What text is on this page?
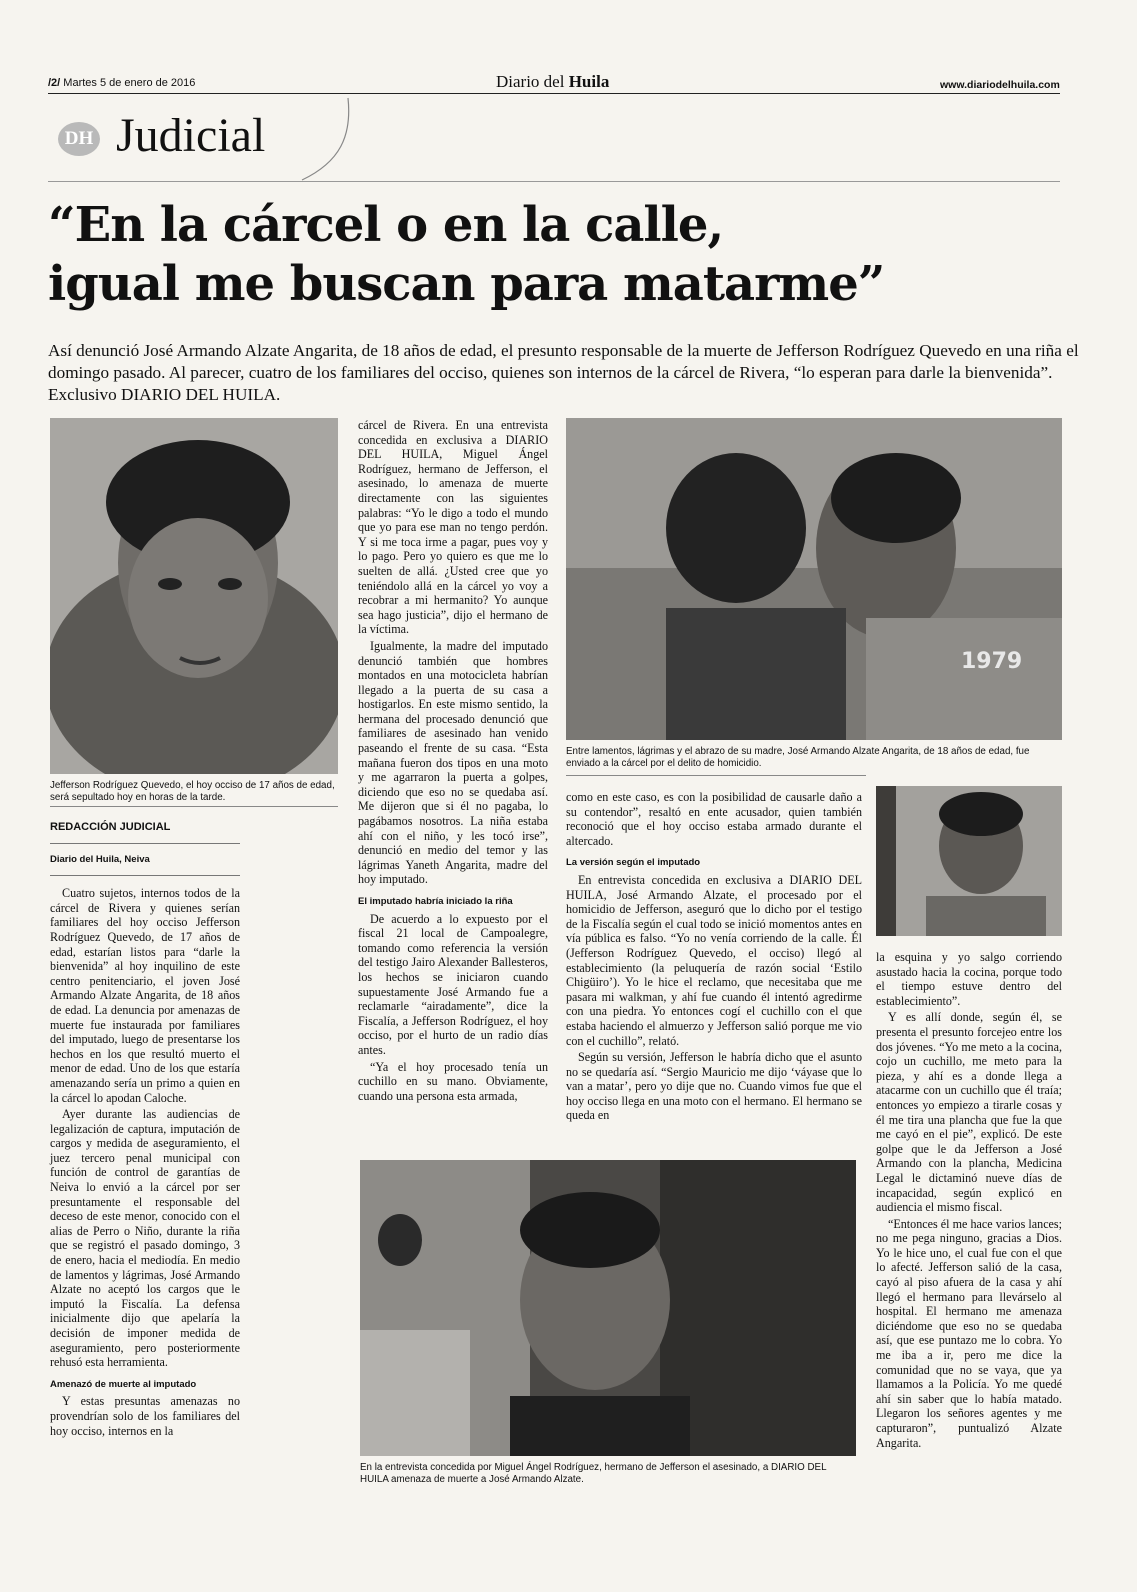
/2/ Martes 5 de enero de 2016	Diario del Huila	www.diariodelhuila.com
DH Judicial
“En la cárcel o en la calle,
igual me buscan para matarme”
Así denunció José Armando Alzate Angarita, de 18 años de edad, el presunto responsable de la muerte de Jefferson Rodríguez Quevedo en una riña el domingo pasado. Al parecer, cuatro de los familiares del occiso, quienes son internos de la cárcel de Rivera, “lo esperan para darle la bienvenida”. Exclusivo DIARIO DEL HUILA.
Jefferson Rodríguez Quevedo, el hoy occiso de 17 años de edad, será sepultado hoy en horas de la tarde.
REDACCIÓN JUDICIAL
Diario del Huila, Neiva

Cuatro sujetos, internos todos de la cárcel de Rivera y quienes serían familiares del hoy occiso Jefferson Rodríguez Quevedo, de 17 años de edad, estarían listos para “darle la bienvenida” al hoy inquilino de este centro penitenciario, el joven José Armando Alzate Angarita, de 18 años de edad. La denuncia por amenazas de muerte fue instaurada por familiares del imputado, luego de presentarse los hechos en los que resultó muerto el menor de edad. Uno de los que estaría amenazando sería un primo a quien en la cárcel lo apodan Caloche.

Ayer durante las audiencias de legalización de captura, imputación de cargos y medida de aseguramiento, el juez tercero penal municipal con función de control de garantías de Neiva lo envió a la cárcel por ser presuntamente el responsable del deceso de este menor, conocido con el alias de Perro o Niño, durante la riña que se registró el pasado domingo, 3 de enero, hacia el mediodía. En medio de lamentos y lágrimas, José Armando Alzate no aceptó los cargos que le imputó la Fiscalía. La defensa inicialmente dijo que apelaría la decisión de imponer medida de aseguramiento, pero posteriormente rehusó esta herramienta.

Amenazó de muerte al imputado

Y estas presuntas amenazas no provendrían solo de los familiares del hoy occiso, internos en la

cárcel de Rivera. En una entrevista concedida en exclusiva a DIARIO DEL HUILA, Miguel Ángel Rodríguez, hermano de Jefferson, el asesinado, lo amenaza de muerte directamente con las siguientes palabras: “Yo le digo a todo el mundo que yo para ese man no tengo perdón. Y si me toca irme a pagar, pues voy y lo pago. Pero yo quiero es que me lo suelten de allá. ¿Usted cree que yo teniéndolo allá en la cárcel yo voy a recobrar a mi hermanito? Yo aunque sea hago justicia”, dijo el hermano de la víctima.

Igualmente, la madre del imputado denunció también que hombres montados en una motocicleta habrían llegado a la puerta de su casa a hostigarlos. En este mismo sentido, la hermana del procesado denunció que familiares de asesinado han venido paseando el frente de su casa. “Esta mañana fueron dos tipos en una moto y me agarraron la puerta a golpes, diciendo que eso no se quedaba así. Me dijeron que si él no pagaba, lo pagábamos nosotros. La niña estaba ahí con el niño, y les tocó irse”, denunció en medio del temor y las lágrimas Yaneth Angarita, madre del hoy imputado.

El imputado habría iniciado la riña

De acuerdo a lo expuesto por el fiscal 21 local de Campoalegre, tomando como referencia la versión del testigo Jairo Alexander Ballesteros, los hechos se iniciaron cuando supuestamente José Armando fue a reclamarle “airadamente”, dice la Fiscalía, a Jefferson Rodríguez, el hoy occiso, por el hurto de un radio días antes.

“Ya el hoy procesado tenía un cuchillo en su mano. Obviamente, cuando una persona esta armada,

1979
Entre lamentos, lágrimas y el abrazo de su madre, José Armando Alzate Angarita, de 18 años de edad, fue enviado a la cárcel por el delito de homicidio.

como en este caso, es con la posibilidad de causarle daño a su contendor”, resaltó en ente acusador, quien también reconoció que el hoy occiso estaba armado durante el altercado.

La versión según el imputado

En entrevista concedida en exclusiva a DIARIO DEL HUILA, José Armando Alzate, el procesado por el homicidio de Jefferson, aseguró que lo dicho por el testigo de la Fiscalía según el cual todo se inició momentos antes en vía pública es falso. “Yo no venía corriendo de la calle. Él (Jefferson Rodríguez Quevedo, el occiso) llegó al establecimiento (la peluquería de razón social ‘Estilo Chigüiro’). Yo le hice el reclamo, que necesitaba que me pasara mi walkman, y ahí fue cuando él intentó agredirme con una piedra. Yo entonces cogí el cuchillo con el que estaba haciendo el almuerzo y Jefferson salió porque me vio con el cuchillo”, relató.

Según su versión, Jefferson le habría dicho que el asunto no se quedaría así. “Sergio Mauricio me dijo ‘váyase que lo van a matar’, pero yo dije que no. Cuando vimos fue que el hoy occiso llega en una moto con el hermano. El hermano se queda en

En la entrevista concedida por Miguel Ángel Rodríguez, hermano de Jefferson el asesinado, a DIARIO DEL HUILA amenaza de muerte a José Armando Alzate.

la esquina y yo salgo corriendo asustado hacia la cocina, porque todo el tiempo estuve dentro del establecimiento”.

Y es allí donde, según él, se presenta el presunto forcejeo entre los dos jóvenes. “Yo me meto a la cocina, cojo un cuchillo, me meto para la pieza, y ahí es a donde llega a atacarme con un cuchillo que él traía; entonces yo empiezo a tirarle cosas y él me tira una plancha que fue la que me cayó en el pie”, explicó. De este golpe que le da Jefferson a José Armando con la plancha, Medicina Legal le dictaminó nueve días de incapacidad, según explicó en audiencia el mismo fiscal.

“Entonces él me hace varios lances; no me pega ninguno, gracias a Dios. Yo le hice uno, el cual fue con el que lo afecté. Jefferson salió de la casa, cayó al piso afuera de la casa y ahí llegó el hermano para llevárselo al hospital. El hermano me amenaza diciéndome que eso no se quedaba así, que ese puntazo me lo cobra. Yo me iba a ir, pero me dice la comunidad que no se vaya, que ya llamamos a la Policía. Yo me quedé ahí sin saber que lo había matado. Llegaron los señores agentes y me capturaron”, puntualizó Alzate Angarita.
